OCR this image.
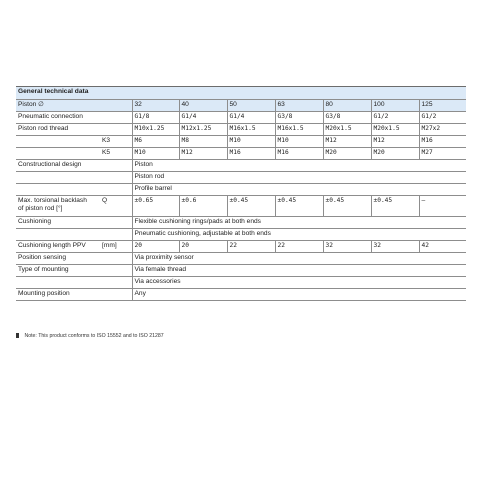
General technical data								
Piston ∅		32	40	50	63	80	100	125
Pneumatic connection		G1/8	G1/4	G1/4	G3/8	G3/8	G1/2	G1/2
Piston rod thread		M10x1.25	M12x1.25	M16x1.5	M16x1.5	M20x1.5	M20x1.5	M27x2
	K3	M6	M8	M10	M10	M12	M12	M16
	K5	M10	M12	M16	M16	M20	M20	M27
Constructional design		Piston						
		Piston rod						
		Profile barrel						
Max. torsional backlash
of piston rod [°]	Q	±0.65	±0.6	±0.45	±0.45	±0.45	±0.45	–
Cushioning		Flexible cushioning rings/pads at both ends						
		Pneumatic cushioning, adjustable at both ends						
Cushioning length PPV	[mm]	20	20	22	22	32	32	42
Position sensing		Via proximity sensor						
Type of mounting		Via female thread						
		Via accessories						
Mounting position		Any						
Note: This product conforms to ISO 15552 and to ISO 21287
